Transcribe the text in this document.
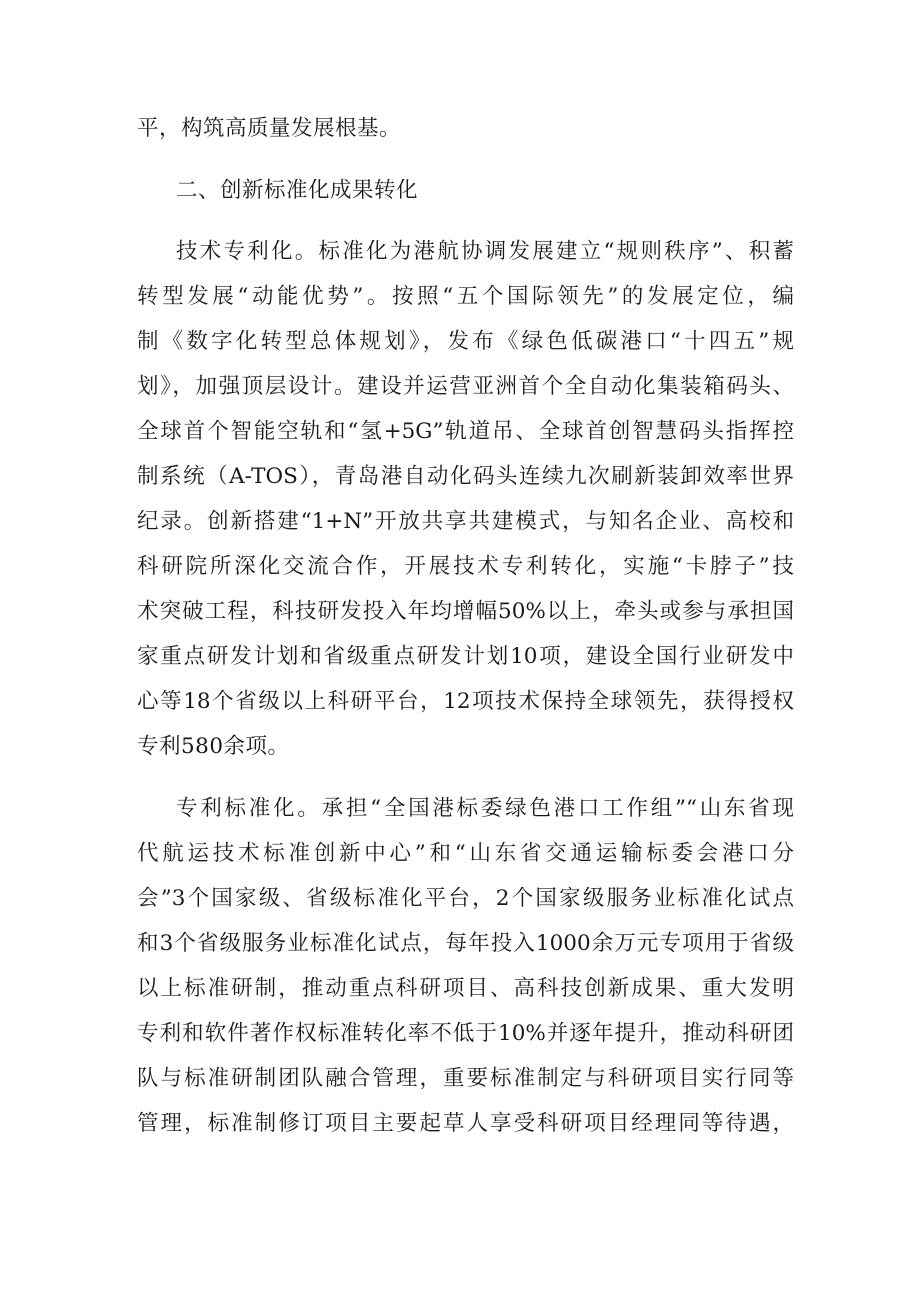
平，构筑高质量发展根基。

二、创新标准化成果转化

技术专利化。标准化为港航协调发展建立“规则秩序”、积蓄

转型发展“动能优势”。按照“五个国际领先”的发展定位，编

制《数字化转型总体规划》，发布《绿色低碳港口“十四五”规

划》，加强顶层设计。建设并运营亚洲首个全自动化集装箱码头、

全球首个智能空轨和“氢+5G”轨道吊、全球首创智慧码头指挥控

制系统（A-TOS），青岛港自动化码头连续九次刷新装卸效率世界

纪录。创新搭建“1+N”开放共享共建模式，与知名企业、高校和

科研院所深化交流合作，开展技术专利转化，实施“卡脖子”技

术突破工程，科技研发投入年均增幅50%以上，牵头或参与承担国

家重点研发计划和省级重点研发计划10项，建设全国行业研发中

心等18个省级以上科研平台，12项技术保持全球领先，获得授权

专利580余项。

专利标准化。承担“全国港标委绿色港口工作组”“山东省现

代航运技术标准创新中心”和“山东省交通运输标委会港口分

会”3个国家级、省级标准化平台，2个国家级服务业标准化试点

和3个省级服务业标准化试点，每年投入1000余万元专项用于省级

以上标准研制，推动重点科研项目、高科技创新成果、重大发明

专利和软件著作权标准转化率不低于10%并逐年提升，推动科研团

队与标准研制团队融合管理，重要标准制定与科研项目实行同等

管理，标准制修订项目主要起草人享受科研项目经理同等待遇，
